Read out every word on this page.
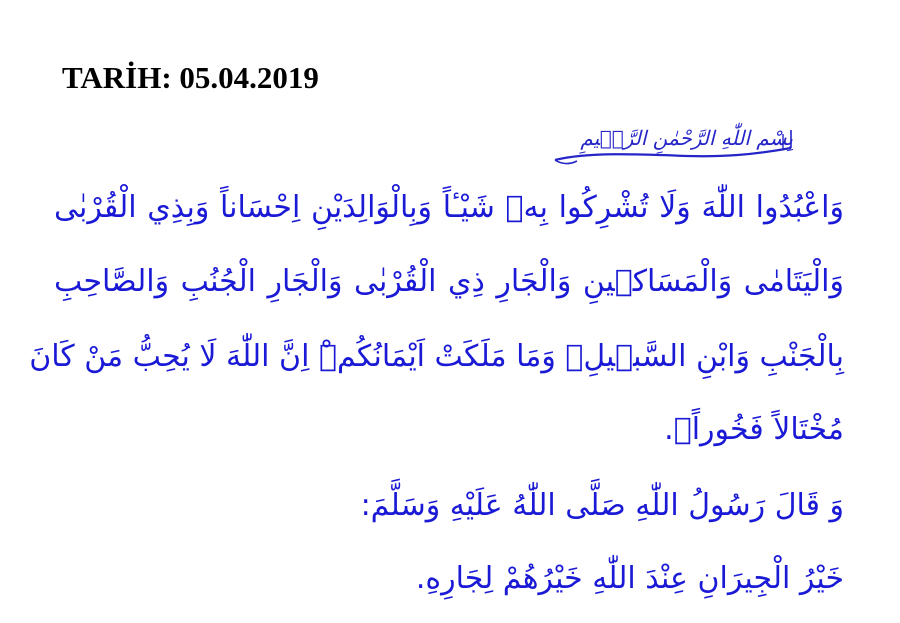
TARİH: 05.04.2019
بِسْمِ اللّٰهِ الرَّحْمٰنِ الرَّح۪يمِ
وَاعْبُدُوا اللّٰهَ وَلَا تُشْرِكُوا بِه۪ شَيْـٔاً وَبِالْوَالِدَيْنِ اِحْسَاناً وَبِذِي الْقُرْبٰى
وَالْيَتَامٰى وَالْمَسَاك۪ينِ وَالْجَارِ ذِي الْقُرْبٰى وَالْجَارِ الْجُنُبِ وَالصَّاحِبِ
بِالْجَنْبِ وَابْنِ السَّب۪يلِۙ وَمَا مَلَكَتْ اَيْمَانُكُمْۜ اِنَّ اللّٰهَ لَا يُحِبُّ مَنْ كَانَ
مُخْتَالاً فَخُوراًۙ.
وَ قَالَ رَسُولُ اللّٰهِ صَلَّى اللّٰهُ عَلَيْهِ وَسَلَّمَ:
خَيْرُ الْجِيرَانِ عِنْدَ اللّٰهِ خَيْرُهُمْ لِجَارِهِ.
